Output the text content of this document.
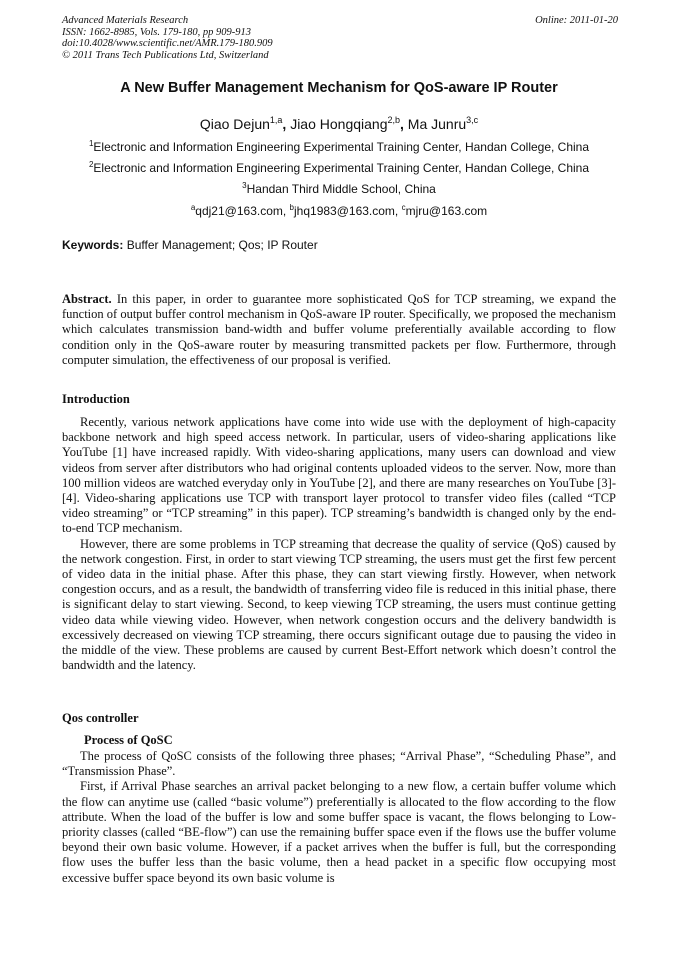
Advanced Materials Research
ISSN: 1662-8985, Vols. 179-180, pp 909-913
doi:10.4028/www.scientific.net/AMR.179-180.909
© 2011 Trans Tech Publications Ltd, Switzerland
Online: 2011-01-20
A New Buffer Management Mechanism for QoS-aware IP Router
Qiao Dejun$^{1,a}$, Jiao Hongqiang$^{2,b}$, Ma Junru$^{3,c}$
$^1$Electronic and Information Engineering Experimental Training Center, Handan College, China
$^2$Electronic and Information Engineering Experimental Training Center, Handan College, China
$^3$Handan Third Middle School, China
$^a$qdj21@163.com, $^b$jhq1983@163.com, $^c$mjru@163.com
Keywords: Buffer Management; Qos; IP Router

Abstract. In this paper, in order to guarantee more sophisticated QoS for TCP streaming, we expand the function of output buffer control mechanism in QoS-aware IP router. Specifically, we proposed the mechanism which calculates transmission band-width and buffer volume preferentially available according to flow condition only in the QoS-aware router by measuring transmitted packets per flow. Furthermore, through computer simulation, the effectiveness of our proposal is verified.

Introduction

Recently, various network applications have come into wide use with the deployment of high-capacity backbone network and high speed access network. In particular, users of video-sharing applications like YouTube [1] have increased rapidly. With video-sharing applications, many users can download and view videos from server after distributors who had original contents uploaded videos to the server. Now, more than 100 million videos are watched everyday only in YouTube [2], and there are many researches on YouTube [3]-[4]. Video-sharing applications use TCP with transport layer protocol to transfer video files (called “TCP video streaming” or “TCP streaming” in this paper). TCP streaming’s bandwidth is changed only by the end-to-end TCP mechanism.

However, there are some problems in TCP streaming that decrease the quality of service (QoS) caused by the network congestion. First, in order to start viewing TCP streaming, the users must get the first few percent of video data in the initial phase. After this phase, they can start viewing firstly. However, when network congestion occurs, and as a result, the bandwidth of transferring video file is reduced in this initial phase, there is significant delay to start viewing. Second, to keep viewing TCP streaming, the users must continue getting video data while viewing video. However, when network congestion occurs and the delivery bandwidth is excessively decreased on viewing TCP streaming, there occurs significant outage due to pausing the video in the middle of the view. These problems are caused by current Best-Effort network which doesn’t control the bandwidth and the latency.

Qos controller
Process of QoSC

The process of QoSC consists of the following three phases; “Arrival Phase”, “Scheduling Phase”, and “Transmission Phase”.

First, if Arrival Phase searches an arrival packet belonging to a new flow, a certain buffer volume which the flow can anytime use (called “basic volume”) preferentially is allocated to the flow according to the flow attribute. When the load of the buffer is low and some buffer space is vacant, the flows belonging to Low-priority classes (called “BE-flow”) can use the remaining buffer space even if the flows use the buffer volume beyond their own basic volume. However, if a packet arrives when the buffer is full, but the corresponding flow uses the buffer less than the basic volume, then a head packet in a specific flow occupying most excessive buffer space beyond its own basic volume is
